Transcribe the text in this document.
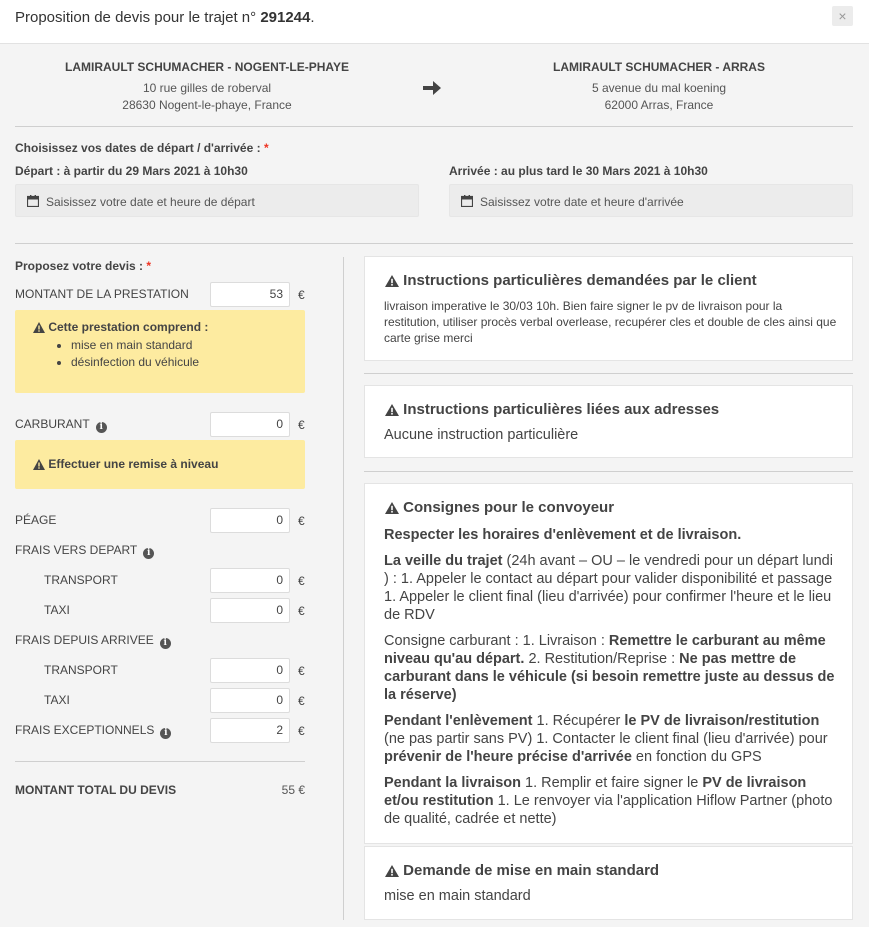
Proposition de devis pour le trajet n° 291244.	×
LAMIRAULT SCHUMACHER - NOGENT-LE-PHAYE
10 rue gilles de roberval
28630 Nogent-le-phaye, France
LAMIRAULT SCHUMACHER - ARRAS
5 avenue du mal koening
62000 Arras, France
Choisissez vos dates de départ / d'arrivée : *
Départ : à partir du 29 Mars 2021 à 10h30	Arrivée : au plus tard le 30 Mars 2021 à 10h30
Saisissez votre date et heure de départ	Saisissez votre date et heure d'arrivée
Proposez votre devis : *
MONTANT DE LA PRESTATION	53	€
Cette prestation comprend :
• mise en main standard
• désinfection du véhicule
CARBURANT i	0	€
Effectuer une remise à niveau
PÉAGE	0	€
FRAIS VERS DEPART i
TRANSPORT	0	€
TAXI	0	€
FRAIS DEPUIS ARRIVEE i
TRANSPORT	0	€
TAXI	0	€
FRAIS EXCEPTIONNELS i	2	€
MONTANT TOTAL DU DEVIS	55 €
Instructions particulières demandées par le client
livraison imperative le 30/03 10h. Bien faire signer le pv de livraison pour la restitution, utiliser procès verbal overlease, recupérer cles et double de cles ainsi que carte grise merci
Instructions particulières liées aux adresses
Aucune instruction particulière
Consignes pour le convoyeur

Respecter les horaires d'enlèvement et de livraison.

La veille du trajet (24h avant – OU – le vendredi pour un départ lundi ) : 1. Appeler le contact au départ pour valider disponibilité et passage 1. Appeler le client final (lieu d'arrivée) pour confirmer l'heure et le lieu de RDV

Consigne carburant : 1. Livraison : Remettre le carburant au même niveau qu'au départ. 2. Restitution/Reprise : Ne pas mettre de carburant dans le véhicule (si besoin remettre juste au dessus de la réserve)

Pendant l'enlèvement 1. Récupérer le PV de livraison/restitution (ne pas partir sans PV) 1. Contacter le client final (lieu d'arrivée) pour prévenir de l'heure précise d'arrivée en fonction du GPS

Pendant la livraison 1. Remplir et faire signer le PV de livraison et/ou restitution 1. Le renvoyer via l'application Hiflow Partner (photo de qualité, cadrée et nette)

Demande de mise en main standard
mise en main standard
